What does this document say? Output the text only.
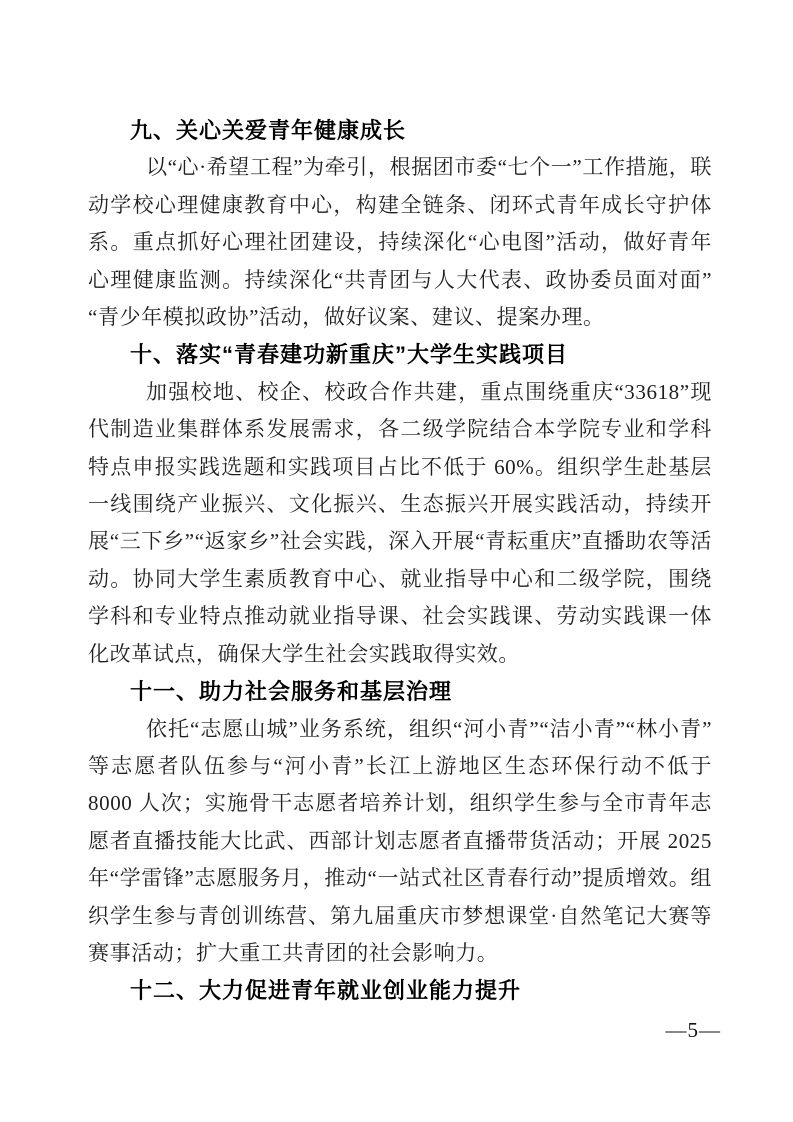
九、关心关爱青年健康成长

以“心·希望工程”为牵引，根据团市委“七个一”工作措施，联动学校心理健康教育中心，构建全链条、闭环式青年成长守护体系。重点抓好心理社团建设，持续深化“心电图”活动，做好青年心理健康监测。持续深化“共青团与人大代表、政协委员面对面”“青少年模拟政协”活动，做好议案、建议、提案办理。

十、落实“青春建功新重庆”大学生实践项目

加强校地、校企、校政合作共建，重点围绕重庆“33618”现代制造业集群体系发展需求，各二级学院结合本学院专业和学科特点申报实践选题和实践项目占比不低于 60%。组织学生赴基层一线围绕产业振兴、文化振兴、生态振兴开展实践活动，持续开展“三下乡”“返家乡”社会实践，深入开展“青耘重庆”直播助农等活动。协同大学生素质教育中心、就业指导中心和二级学院，围绕学科和专业特点推动就业指导课、社会实践课、劳动实践课一体化改革试点，确保大学生社会实践取得实效。

十一、助力社会服务和基层治理

依托“志愿山城”业务系统，组织“河小青”“洁小青”“林小青”等志愿者队伍参与“河小青”长江上游地区生态环保行动不低于 8000 人次；实施骨干志愿者培养计划，组织学生参与全市青年志愿者直播技能大比武、西部计划志愿者直播带货活动；开展 2025 年“学雷锋”志愿服务月，推动“一站式社区青春行动”提质增效。组织学生参与青创训练营、第九届重庆市梦想课堂·自然笔记大赛等赛事活动；扩大重工共青团的社会影响力。

十二、大力促进青年就业创业能力提升
—5—
